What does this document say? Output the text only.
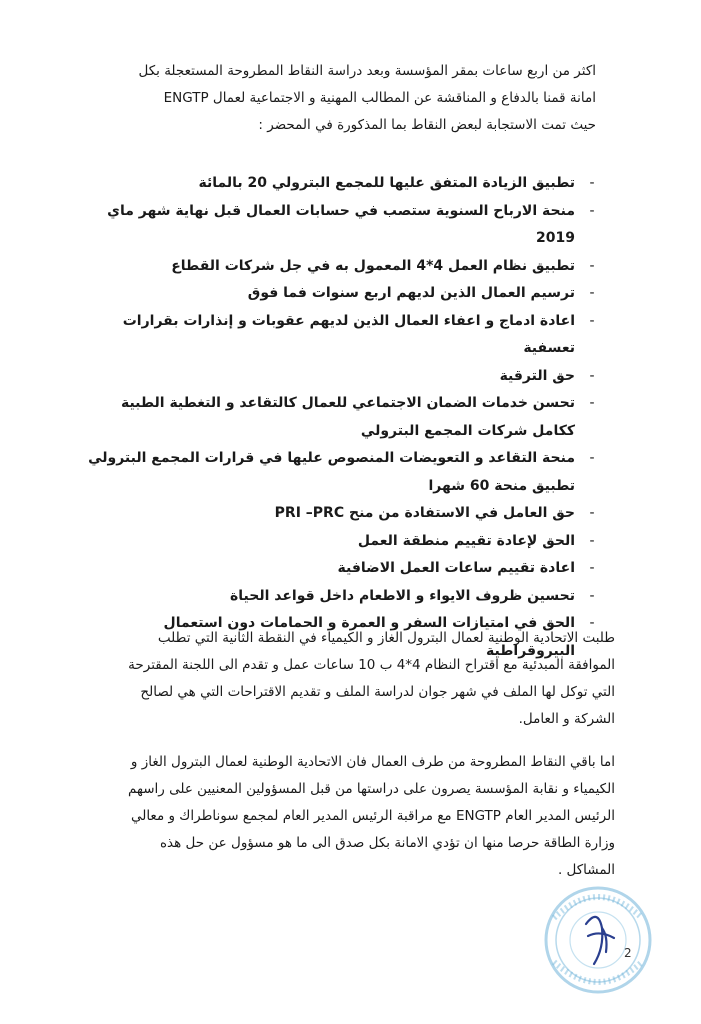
اكثر من اربع ساعات بمقر المؤسسة وبعد دراسة النقاط المطروحة المستعجلة بكل
امانة قمنا بالدفاع و المناقشة عن المطالب المهنية و الاجتماعية لعمال ENGTP
حيث تمت الاستجابة لبعض النقاط بما المذكورة في المحضر :
-
تطبيق الزيادة المتفق عليها للمجمع البترولي 20 بالمائة
-
منحة الارباح السنوية ستصب في حسابات العمال قبل نهاية شهر ماي 2019
-
تطبيق نظام العمل 4*4 المعمول به في جل شركات القطاع
-
ترسيم العمال الذين لديهم اربع سنوات فما فوق
-
اعادة ادماج و اعفاء العمال الذين لديهم عقوبات و إنذارات بقرارات تعسفية
-
حق الترقية
-
تحسن خدمات الضمان الاجتماعي للعمال كالتقاعد و التغطية الطبية ككامل شركات المجمع البترولي
-
منحة التقاعد و التعويضات المنصوص عليها في قرارات المجمع البترولي تطبيق منحة 60 شهرا
-
حق العامل في الاستفادة من منح PRI –PRC
-
الحق لإعادة تقييم منطقة العمل
-
اعادة تقييم ساعات العمل الاضافية
-
تحسين ظروف الايواء و الاطعام داخل قواعد الحياة
-
الحق في امتيازات السفر و العمرة و الحمامات دون استعمال البيروقراطية
طلبت الاتحادية الوطنية لعمال البترول الغاز و الكيمياء في النقطة الثانية التي تطلب
الموافقة المبدئية مع اقتراح النظام 4*4 ب 10 ساعات عمل و تقدم الى اللجنة المقترحة
التي توكل لها الملف في شهر جوان لدراسة الملف و تقديم الاقتراحات التي هي لصالح
الشركة و العامل.
اما باقي النقاط المطروحة من طرف العمال فان الاتحادية الوطنية لعمال البترول الغاز و
الكيمياء و نقابة المؤسسة يصرون على دراستها من قبل المسؤولين المعنيين على راسهم
الرئيس المدير العام ENGTP مع مراقبة الرئيس المدير العام لمجمع سوناطراك و معالي
وزارة الطاقة حرصا منها ان تؤدي الامانة بكل صدق الى ما هو مسؤول عن حل هذه
المشاكل .
2
